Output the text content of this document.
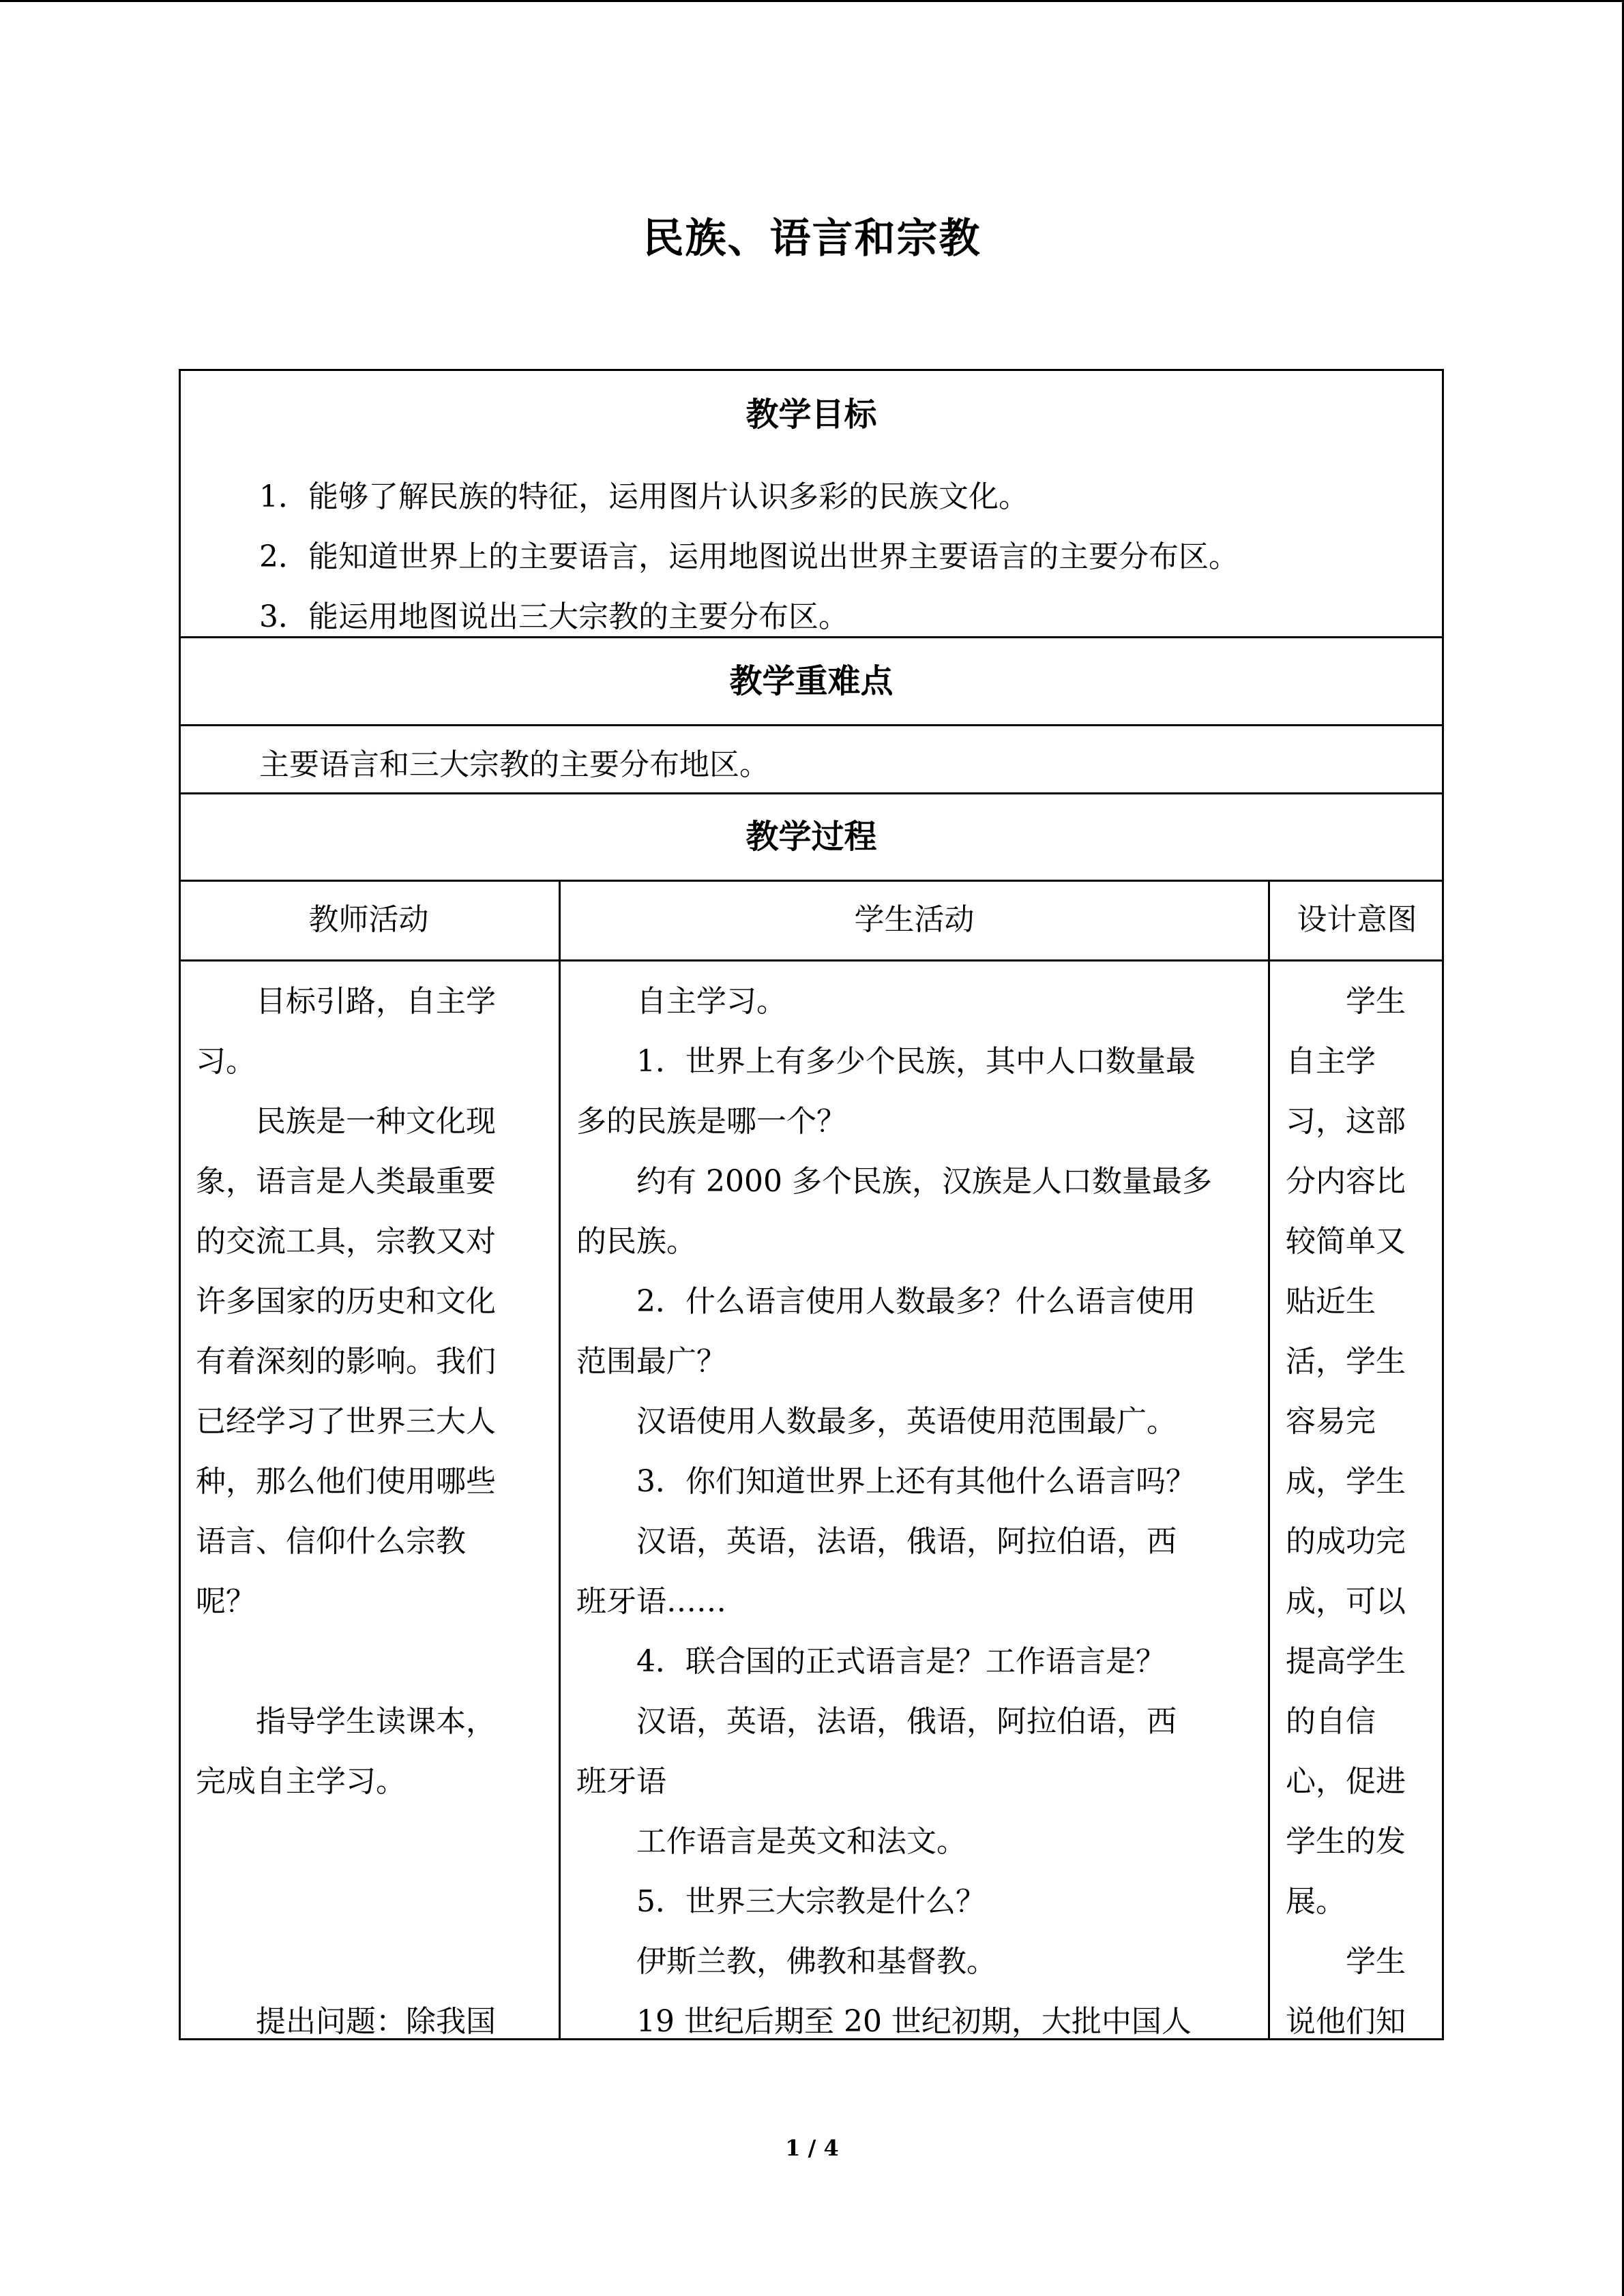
民族、语言和宗教
教学目标
1．能够了解民族的特征，运用图片认识多彩的民族文化。
2．能知道世界上的主要语言，运用地图说出世界主要语言的主要分布区。
3．能运用地图说出三大宗教的主要分布区。
教学重难点
主要语言和三大宗教的主要分布地区。
教学过程
教师活动	学生活动	设计意图
　　目标引路，自主学
习。
　　民族是一种文化现
象，语言是人类最重要
的交流工具，宗教又对
许多国家的历史和文化
有着深刻的影响。我们
已经学习了世界三大人
种，那么他们使用哪些
语言、信仰什么宗教
呢？

　　指导学生读课本，
完成自主学习。

　　提出问题：除我国
　　自主学习。
　　1．世界上有多少个民族，其中人口数量最
多的民族是哪一个？
　　约有 2000 多个民族，汉族是人口数量最多
的民族。
　　2．什么语言使用人数最多？什么语言使用
范围最广？
　　汉语使用人数最多，英语使用范围最广。
　　3．你们知道世界上还有其他什么语言吗？
　　汉语，英语，法语，俄语，阿拉伯语，西
班牙语……
　　4．联合国的正式语言是？工作语言是？
　　汉语，英语，法语，俄语，阿拉伯语，西
班牙语
　　工作语言是英文和法文。
　　5．世界三大宗教是什么？
　　伊斯兰教，佛教和基督教。
　　19 世纪后期至 20 世纪初期，大批中国人
　　学生
自主学
习，这部
分内容比
较简单又
贴近生
活，学生
容易完
成，学生
的成功完
成，可以
提高学生
的自信
心，促进
学生的发
展。
　　学生
说他们知
1 / 4
